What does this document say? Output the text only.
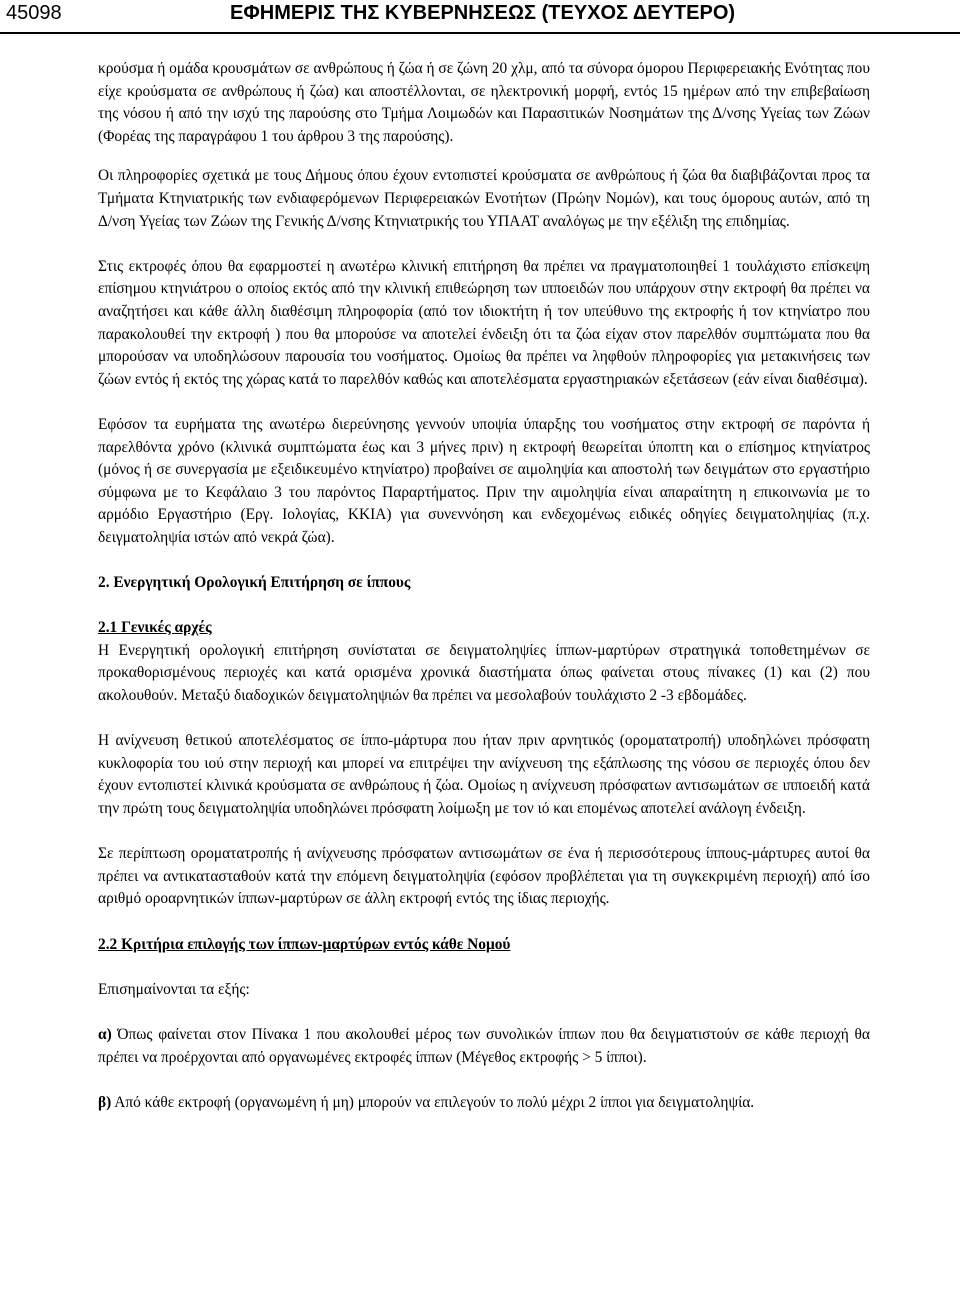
45098	ΕΦΗΜΕΡΙΣ ΤΗΣ ΚΥΒΕΡΝΗΣΕΩΣ (ΤΕΥΧΟΣ ΔΕΥΤΕΡΟ)

κρούσμα ή ομάδα κρουσμάτων σε ανθρώπους ή ζώα ή σε ζώνη 20 χλμ, από τα σύνορα όμορου Περιφερειακής Ενότητας που είχε κρούσματα σε ανθρώπους ή ζώα) και αποστέλλονται, σε ηλεκτρονική μορφή, εντός 15 ημέρων από την επιβεβαίωση της νόσου ή από την ισχύ της παρούσης στο Τμήμα Λοιμωδών και Παρασιτικών Νοσημάτων της Δ/νσης Υγείας των Ζώων (Φορέας της παραγράφου 1 του άρθρου 3 της παρούσης).

Οι πληροφορίες σχετικά με τους Δήμους όπου έχουν εντοπιστεί κρούσματα σε ανθρώπους ή ζώα θα διαβιβάζονται προς τα Τμήματα Κτηνιατρικής των ενδιαφερόμενων Περιφερειακών Ενοτήτων (Πρώην Νομών), και τους όμορους αυτών, από τη Δ/νση Υγείας των Ζώων της Γενικής Δ/νσης Κτηνιατρικής του ΥΠΑΑΤ αναλόγως με την εξέλιξη της επιδημίας.

Στις εκτροφές όπου θα εφαρμοστεί η ανωτέρω κλινική επιτήρηση θα πρέπει να πραγματοποιηθεί 1 τουλάχιστο επίσκεψη επίσημου κτηνιάτρου ο οποίος εκτός από την κλινική επιθεώρηση των ιπποειδών που υπάρχουν στην εκτροφή θα πρέπει να αναζητήσει και κάθε άλλη διαθέσιμη πληροφορία (από τον ιδιοκτήτη ή τον υπεύθυνο της εκτροφής ή τον κτηνίατρο που παρακολουθεί την εκτροφή ) που θα μπορούσε να αποτελεί ένδειξη ότι τα ζώα είχαν στον παρελθόν συμπτώματα που θα μπορούσαν να υποδηλώσουν παρουσία του νοσήματος. Ομοίως θα πρέπει να ληφθούν πληροφορίες για μετακινήσεις των ζώων εντός ή εκτός της χώρας κατά το παρελθόν καθώς και αποτελέσματα εργαστηριακών εξετάσεων (εάν είναι διαθέσιμα).

Εφόσον τα ευρήματα της ανωτέρω διερεύνησης γεννούν υποψία ύπαρξης του νοσήματος στην εκτροφή σε παρόντα ή παρελθόντα χρόνο (κλινικά συμπτώματα έως και 3 μήνες πριν) η εκτροφή θεωρείται ύποπτη και ο επίσημος κτηνίατρος (μόνος ή σε συνεργασία με εξειδικευμένο κτηνίατρο) προβαίνει σε αιμοληψία και αποστολή των δειγμάτων στο εργαστήριο σύμφωνα με το Κεφάλαιο 3 του παρόντος Παραρτήματος. Πριν την αιμοληψία είναι απαραίτητη η επικοινωνία με το αρμόδιο Εργαστήριο (Εργ. Ιολογίας, ΚΚΙΑ) για συνεννόηση και ενδεχομένως ειδικές οδηγίες δειγματοληψίας (π.χ. δειγματοληψία ιστών από νεκρά ζώα).

2. Ενεργητική Ορολογική Επιτήρηση σε ίππους

2.1 Γενικές αρχές

Η Ενεργητική ορολογική επιτήρηση συνίσταται σε δειγματοληψίες ίππων-μαρτύρων στρατηγικά τοποθετημένων σε προκαθορισμένους περιοχές και κατά ορισμένα χρονικά διαστήματα όπως φαίνεται στους πίνακες (1) και (2) που ακολουθούν. Μεταξύ διαδοχικών δειγματοληψιών θα πρέπει να μεσολαβούν τουλάχιστο 2 -3 εβδομάδες.

Η ανίχνευση θετικού αποτελέσματος σε ίππο-μάρτυρα που ήταν πριν αρνητικός (οροματατροπή) υποδηλώνει πρόσφατη κυκλοφορία του ιού στην περιοχή και μπορεί να επιτρέψει την ανίχνευση της εξάπλωσης της νόσου σε περιοχές όπου δεν έχουν εντοπιστεί κλινικά κρούσματα σε ανθρώπους ή ζώα. Ομοίως η ανίχνευση πρόσφατων αντισωμάτων σε ιπποειδή κατά την πρώτη τους δειγματοληψία υποδηλώνει πρόσφατη λοίμωξη με τον ιό και επομένως αποτελεί ανάλογη ένδειξη.

Σε περίπτωση οροματατροπής ή ανίχνευσης πρόσφατων αντισωμάτων σε ένα ή περισσότερους ίππους-μάρτυρες αυτοί θα πρέπει να αντικατασταθούν κατά την επόμενη δειγματοληψία (εφόσον προβλέπεται για τη συγκεκριμένη περιοχή) από ίσο αριθμό οροαρνητικών ίππων-μαρτύρων σε άλλη εκτροφή εντός της ίδιας περιοχής.

2.2 Κριτήρια επιλογής των ίππων-μαρτύρων εντός κάθε Νομού

Επισημαίνονται τα εξής:

α) Όπως φαίνεται στον Πίνακα 1 που ακολουθεί μέρος των συνολικών ίππων που θα δειγματιστούν σε κάθε περιοχή θα πρέπει να προέρχονται από οργανωμένες εκτροφές ίππων (Μέγεθος εκτροφής > 5 ίπποι).

β) Από κάθε εκτροφή (οργανωμένη ή μη) μπορούν να επιλεγούν το πολύ μέχρι 2 ίπποι για δειγματοληψία.
